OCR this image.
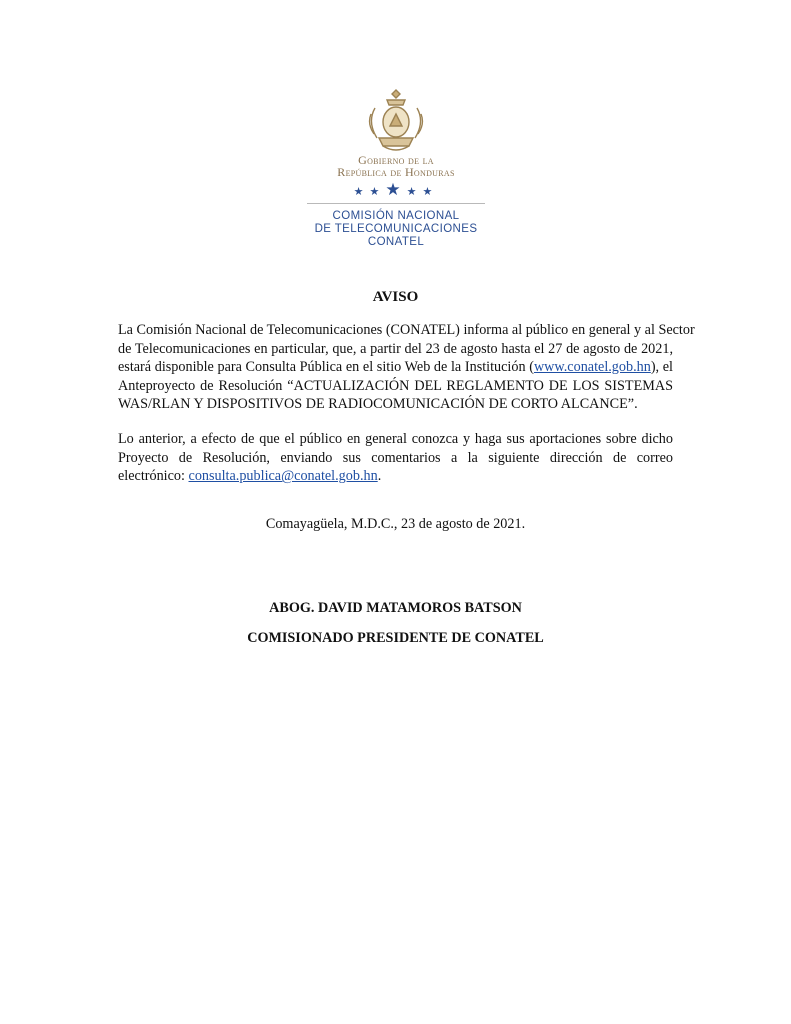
Gobierno de la
República de Honduras
★★★★★
COMISIÓN NACIONAL
DE TELECOMUNICACIONES
CONATEL
AVISO
La Comisión Nacional de Telecomunicaciones (CONATEL) informa al público en general y al Sector
de Telecomunicaciones en particular, que, a partir del 23 de agosto hasta el 27 de agosto de 2021,
estará disponible para Consulta Pública en el sitio Web de la Institución (www.conatel.gob.hn), el
Anteproyecto de Resolución “ACTUALIZACIÓN DEL REGLAMENTO DE LOS SISTEMAS
WAS/RLAN Y DISPOSITIVOS DE RADIOCOMUNICACIÓN DE CORTO ALCANCE”.
Lo anterior, a efecto de que el público en general conozca y haga sus aportaciones sobre dicho
Proyecto de Resolución, enviando sus comentarios a la siguiente dirección de correo
electrónico: consulta.publica@conatel.gob.hn.
Comayagüela, M.D.C., 23 de agosto de 2021.
ABOG. DAVID MATAMOROS BATSON
COMISIONADO PRESIDENTE DE CONATEL
